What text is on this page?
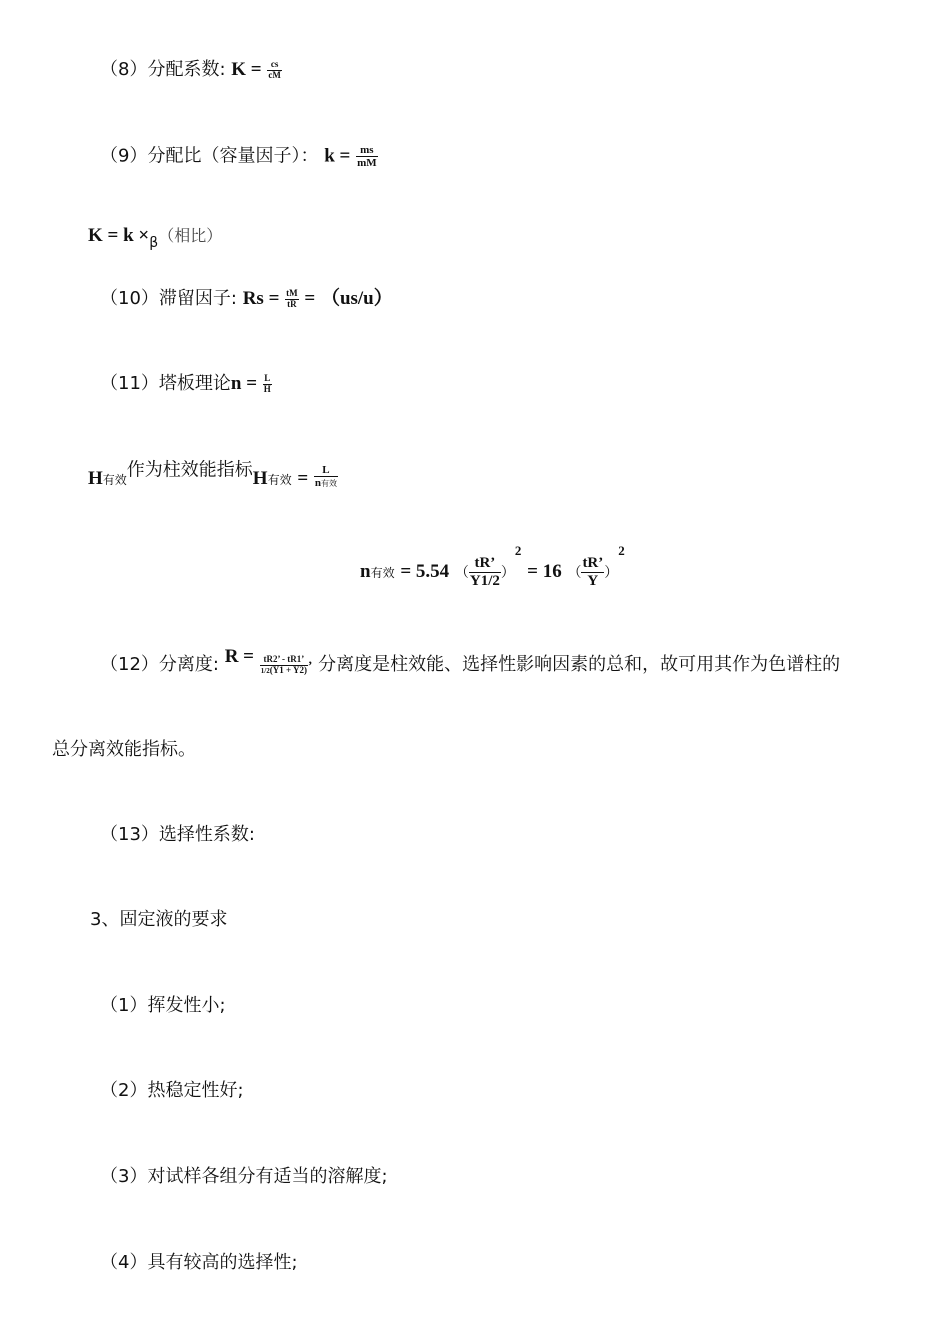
（8）分配系数: $K = \frac{cs}{cM}$
（9）分配比（容量因子）： $k = \frac{ms}{mM}$
$K = k \times_\beta$（相比）
（10）滞留因子: $Rs = \frac{tM}{tR} = (us/u)$
（11）塔板理论$n = \frac{L}{H}$
$H_{有效}$作为柱效能指标$H_{有效} = \frac{L}{\text{n有效}}$
n有效 = 5.54 （ $\frac{tR’}{Y1/2} )^2 = 16$ （ $\frac{tR’}{Y} )^2$
（12）分离度: $R = \frac{tR2’ - tR1’}{1/2(Y1 + Y2)}$ ’ 分离度是柱效能、选择性影响因素的总和，故可用其作为色谱柱的
总分离效能指标。
（13）选择性系数:
3、固定液的要求
（1）挥发性小;
（2）热稳定性好;
（3）对试样各组分有适当的溶解度;
（4）具有较高的选择性;
